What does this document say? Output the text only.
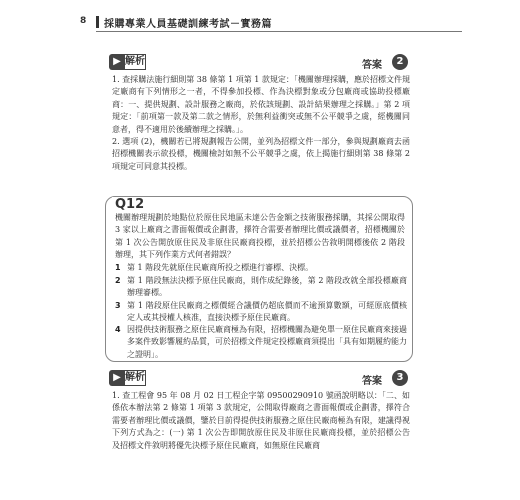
8 採購專業人員基礎訓練考試－實務篇
▶ 解析	答案	2
1. 查採購法施行細則第 38 條第 1 項第 1 款規定：「機關辦理採購，應於招標文件規定廠商有下列情形之一者，不得參加投標、作為決標對象或分包廠商或協助投標廠商：一、提供規劃、設計服務之廠商，於依該規劃、設計結果辦理之採購。」第 2 項規定：「前項第一款及第二款之情形，於無利益衝突或無不公平競爭之虞，經機關同意者，得不適用於後續辦理之採購。」。
2. 選項 (2)，機關若已將規劃報告公開，並列為招標文件一部分，參與規劃廠商去函招標機關表示欲投標，機關檢討如無不公平競爭之虞，依上揭施行細則第 38 條第 2 項規定可同意其投標。
Q12
機關辦理規劃於地點位於原住民地區未達公告金額之技術服務採購，其採公開取得 3 家以上廠商之書面報價或企劃書，擇符合需要者辦理比價或議價者，招標機關於第 1 次公告開放原住民及非原住民廠商投標，並於招標公告敘明開標後依 2 階段辦理，其下列作業方式何者錯誤？
1 第 1 階段先就原住民廠商所投之標進行審標、決標。
2 第 1 階段無法決標予原住民廠商，則作成紀錄後，第 2 階段改就全部投標廠商辦理審標。
3 第 1 階段原住民廠商之標價經合議價仍超底價而不逾預算數額，可經原底價核定人或其授權人核准，直接決標予原住民廠商。
4 因提供技術服務之原住民廠商極為有限，招標機關為避免單一原住民廠商來接過多案件致影響履約品質，可於招標文件規定投標廠商須提出「具有如期履約能力之證明」。
▶ 解析	答案	3
1. 查工程會 95 年 08 月 02 日工程企字第 09500290910 號函說明略以：「二、如係依本辦法第 2 條第 1 項第 3 款規定，公開取得廠商之書面報價或企劃書，擇符合需要者辦理比價或議價，鑒於目前得提供技術服務之原住民廠商極為有限，建議得視下列方式為之：(一) 第 1 次公告即開放原住民及非原住民廠商投標，並於招標公告及招標文件敘明將優先決標予原住民廠商，如無原住民廠商
